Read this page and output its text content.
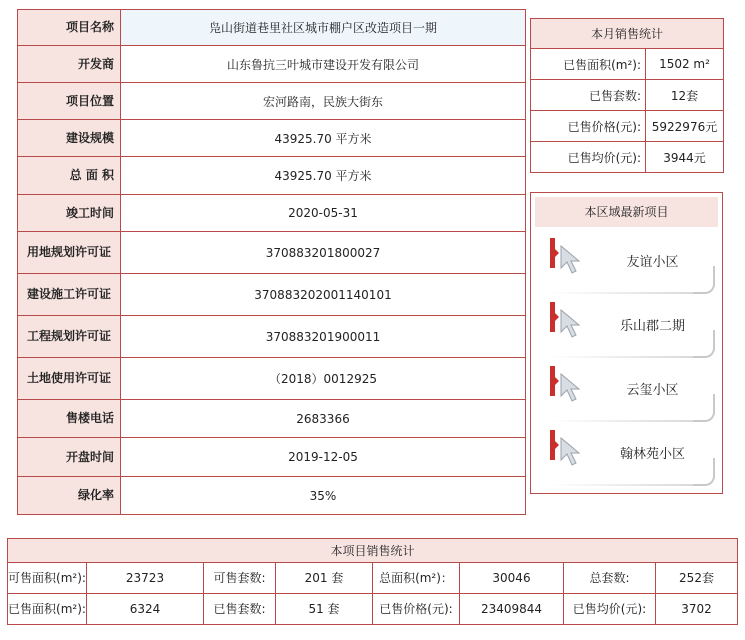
项目名称	凫山街道巷里社区城市棚户区改造项目一期
开发商	山东鲁抗三叶城市建设开发有限公司
项目位置	宏河路南，民族大街东
建设规模	43925.70 平方米
总 面 积	43925.70 平方米
竣工时间	2020-05-31
用地规划许可证	370883201800027
建设施工许可证	370883202001140101
工程规划许可证	370883201900011
土地使用许可证	（2018）0012925
售楼电话	2683366
开盘时间	2019-12-05
绿化率	35%
本月销售统计	
已售面积(m²):	1502 m²
已售套数:	12套
已售价格(元):	5922976元
已售均价(元):	3944元
本区域最新项目
友谊小区
乐山郡二期
云玺小区
翰林苑小区
本项目销售统计							
可售面积(m²):	23723	可售套数:	201 套	总面积(m²)：	30046	总套数:	252套
已售面积(m²):	6324	已售套数:	51 套	已售价格(元):	23409844	已售均价(元):	3702
